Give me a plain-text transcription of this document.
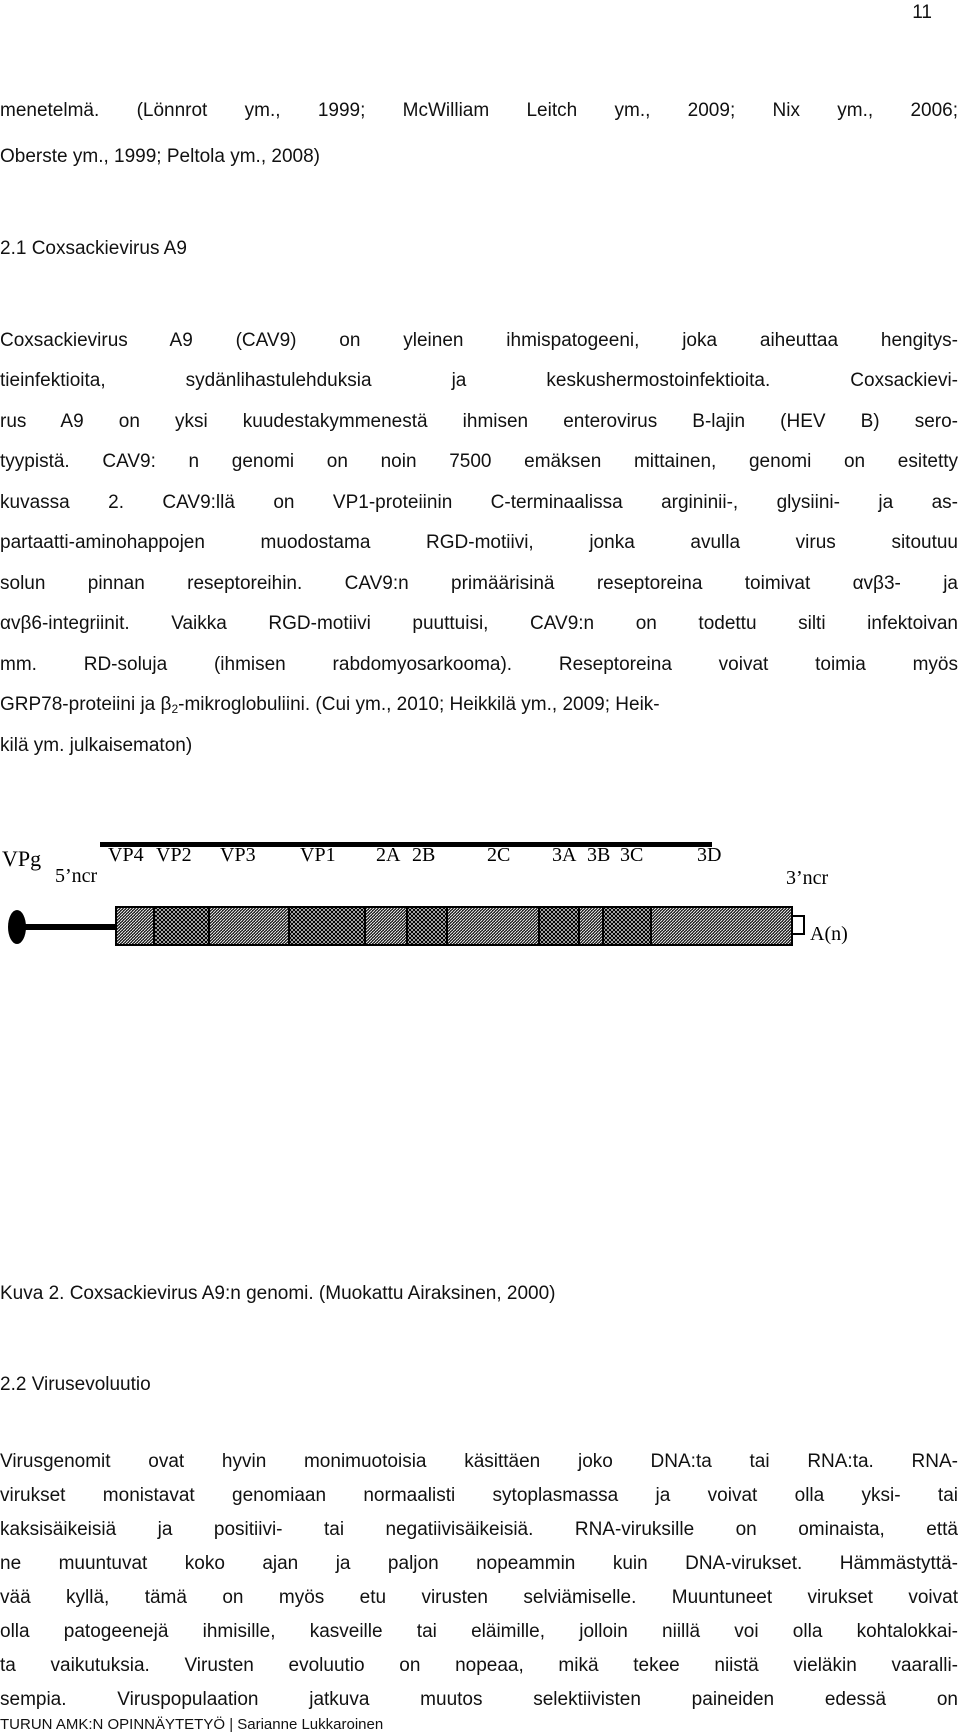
11
menetelmä. (Lönnrot ym., 1999; McWilliam Leitch ym., 2009; Nix ym., 2006;
Oberste ym., 1999; Peltola ym., 2008)
2.1 Coxsackievirus A9
Coxsackievirus A9 (CAV9) on yleinen ihmispatogeeni, joka aiheuttaa hengitys-
tieinfektioita, sydänlihastulehduksia ja keskushermostoinfektioita. Coxsackievi-
rus A9 on yksi kuudestakymmenestä ihmisen enterovirus B-lajin (HEV B) sero-
tyypistä. CAV9: n genomi on noin 7500 emäksen mittainen, genomi on esitetty
kuvassa 2. CAV9:llä on VP1-proteiinin C-terminaalissa argininii-, glysiini- ja as-
partaatti-aminohappojen muodostama RGD-motiivi, jonka avulla virus sitoutuu
solun pinnan reseptoreihin. CAV9:n primäärisinä reseptoreina toimivat αvβ3- ja
αvβ6-integriinit. Vaikka RGD-motiivi puuttuisi, CAV9:n on todettu silti infektoivan
mm. RD-soluja (ihmisen rabdomyosarkooma). Reseptoreina voivat toimia myös
GRP78-proteiini ja $\beta_2$-mikroglobuliini. (Cui ym., 2010; Heikkilä ym., 2009; Heik-
kilä ym. julkaisematon)
VPg
5’ncr	3’ncr
A(n)
VP4 VP2 VP3 VP1 2A 2B	2C 3A 3B 3C	3D
Kuva 2. Coxsackievirus A9:n genomi. (Muokattu Airaksinen, 2000)
2.2 Virusevoluutio
TURUN AMK:N OPINNÄYTETYÖ | Sarianne Lukkaroinen
Virusgenomit ovat hyvin monimuotoisia käsittäen joko DNA:ta tai RNA:ta. RNA-
virukset monistavat genomiaan normaalisti sytoplasmassa ja voivat olla yksi- tai
kaksisäikeisiä ja positiivi- tai negatiivisäikeisiä. RNA-viruksille on ominaista, että
ne muuntuvat koko ajan ja paljon nopeammin kuin DNA-virukset. Hämmästyttä-
vää kyllä, tämä on myös etu virusten selviämiselle. Muuntuneet virukset voivat
olla patogeenejä ihmisille, kasveille tai eläimille, jolloin niillä voi olla kohtalokkai-
ta vaikutuksia. Virusten evoluutio on nopeaa, mikä tekee niistä vieläkin vaaralli-
sempia. Viruspopulaation jatkuva muutos selektiivisten paineiden edessä on
